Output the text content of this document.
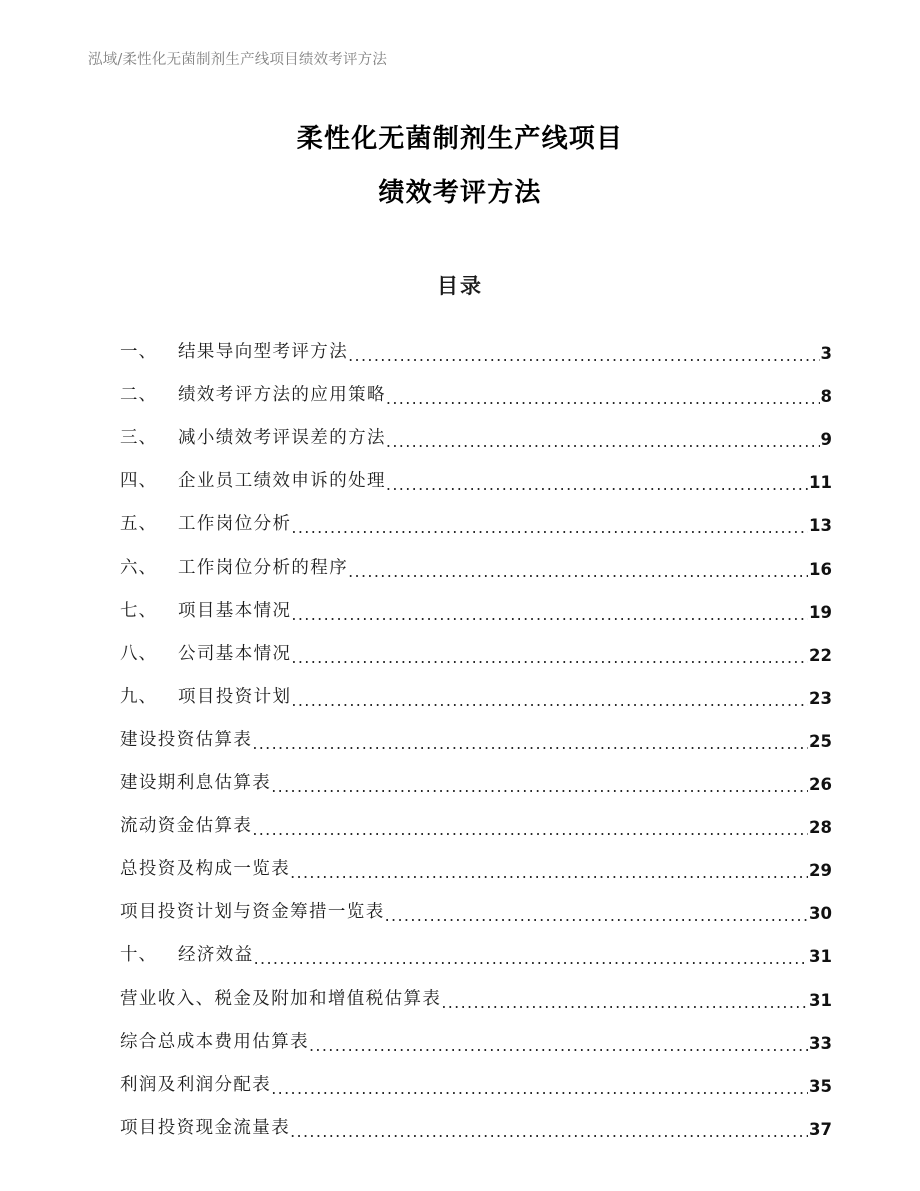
泓域/柔性化无菌制剂生产线项目绩效考评方法
柔性化无菌制剂生产线项目
绩效考评方法
目录
一、	结果导向型考评方法 .....	3
二、	绩效考评方法的应用策略 .....	8
三、	减小绩效考评误差的方法 .....	9
四、	企业员工绩效申诉的处理 .....	11
五、	工作岗位分析 .....	13
六、	工作岗位分析的程序 .....	16
七、	项目基本情况 .....	19
八、	公司基本情况 .....	22
九、	项目投资计划 .....	23
建设投资估算表 .....	25
建设期利息估算表 .....	26
流动资金估算表 .....	28
总投资及构成一览表 .....	29
项目投资计划与资金筹措一览表 .....	30
十、	经济效益 .....	31
营业收入、税金及附加和增值税估算表 .....	31
综合总成本费用估算表 .....	33
利润及利润分配表 .....	35
项目投资现金流量表 .....	37
